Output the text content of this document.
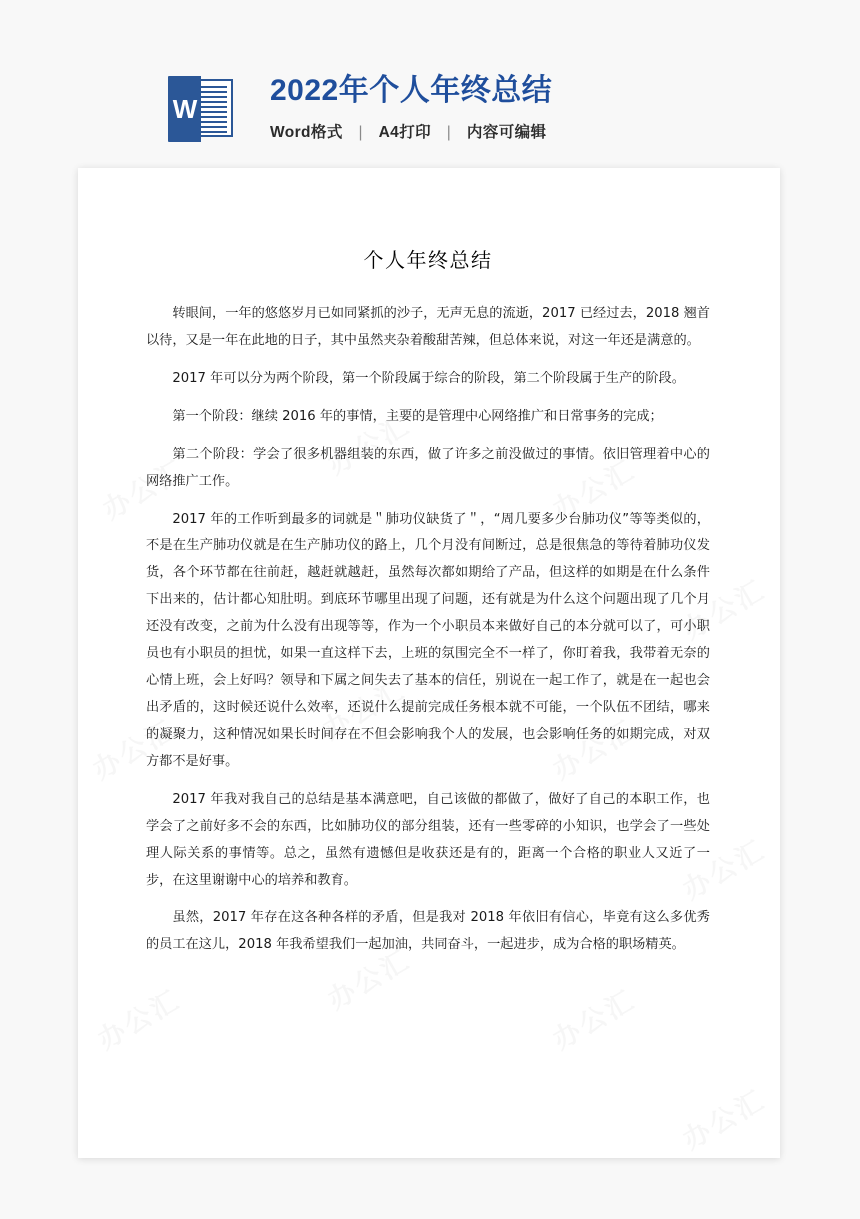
W
2022年个人年终总结
Word格式 | A4打印 | 内容可编辑
个人年终总结

转眼间，一年的悠悠岁月已如同紧抓的沙子，无声无息的流逝，2017 已经过去，2018 翘首以待，又是一年在此地的日子，其中虽然夹杂着酸甜苦辣，但总体来说，对这一年还是满意的。

2017 年可以分为两个阶段，第一个阶段属于综合的阶段，第二个阶段属于生产的阶段。

第一个阶段：继续 2016 年的事情，主要的是管理中心网络推广和日常事务的完成；

第二个阶段：学会了很多机器组装的东西，做了许多之前没做过的事情。依旧管理着中心的网络推广工作。

2017 年的工作听到最多的词就是＂肺功仪缺货了＂，“周几要多少台肺功仪”等等类似的，不是在生产肺功仪就是在生产肺功仪的路上，几个月没有间断过，总是很焦急的等待着肺功仪发货，各个环节都在往前赶，越赶就越赶，虽然每次都如期给了产品，但这样的如期是在什么条件下出来的，估计都心知肚明。到底环节哪里出现了问题，还有就是为什么这个问题出现了几个月还没有改变，之前为什么没有出现等等，作为一个小职员本来做好自己的本分就可以了，可小职员也有小职员的担忧，如果一直这样下去，上班的氛围完全不一样了，你盯着我，我带着无奈的心情上班，会上好吗？领导和下属之间失去了基本的信任，别说在一起工作了，就是在一起也会出矛盾的，这时候还说什么效率，还说什么提前完成任务根本就不可能，一个队伍不团结，哪来的凝聚力，这种情况如果长时间存在不但会影响我个人的发展，也会影响任务的如期完成，对双方都不是好事。

2017 年我对我自己的总结是基本满意吧，自己该做的都做了，做好了自己的本职工作，也学会了之前好多不会的东西，比如肺功仪的部分组装，还有一些零碎的小知识，也学会了一些处理人际关系的事情等。总之，虽然有遗憾但是收获还是有的，距离一个合格的职业人又近了一步，在这里谢谢中心的培养和教育。

虽然，2017 年存在这各种各样的矛盾，但是我对 2018 年依旧有信心，毕竟有这么多优秀的员工在这儿，2018 年我希望我们一起加油，共同奋斗，一起进步，成为合格的职场精英。
